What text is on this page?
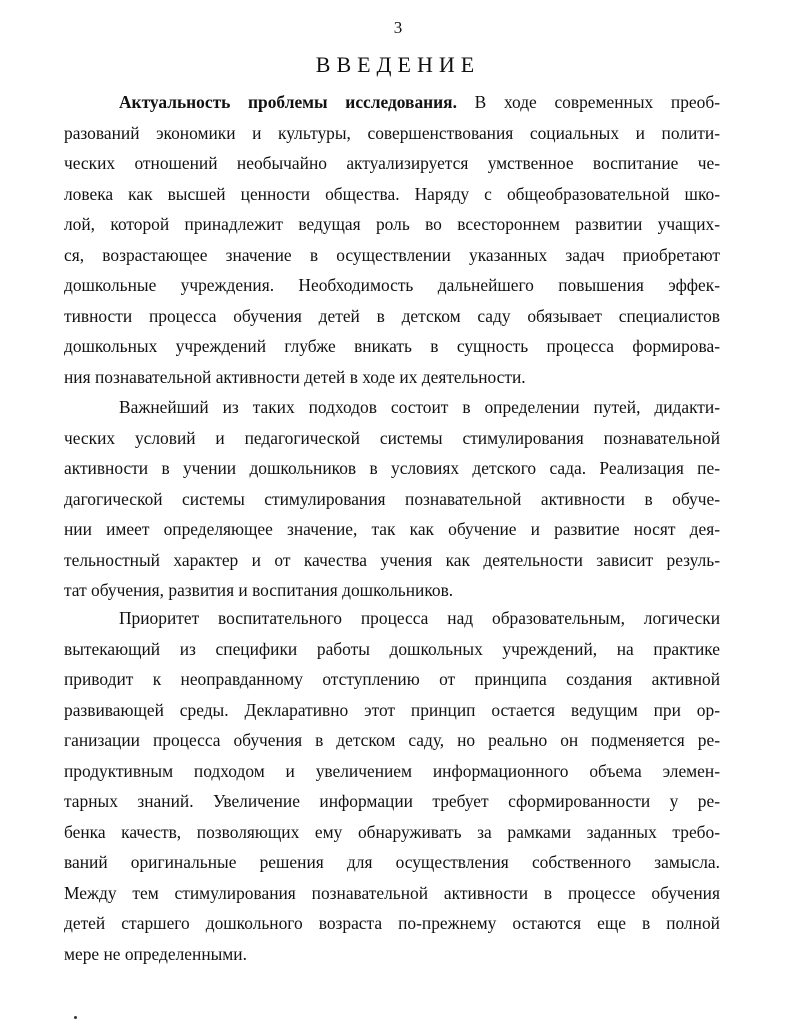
3
ВВЕДЕНИЕ
Актуальность проблемы исследования. В ходе современных преоб-
разований экономики и культуры, совершенствования социальных и полити-
ческих отношений необычайно актуализируется умственное воспитание че-
ловека как высшей ценности общества. Наряду с общеобразовательной шко-
лой, которой принадлежит ведущая роль во всестороннем развитии учащих-
ся, возрастающее значение в осуществлении указанных задач приобретают
дошкольные учреждения. Необходимость дальнейшего повышения эффек-
тивности процесса обучения детей в детском саду обязывает специалистов
дошкольных учреждений глубже вникать в сущность процесса формирова-
ния познавательной активности детей в ходе их деятельности.
Важнейший из таких подходов состоит в определении путей, дидакти-
ческих условий и педагогической системы стимулирования познавательной
активности в учении дошкольников в условиях детского сада. Реализация пе-
дагогической системы стимулирования познавательной активности в обуче-
нии имеет определяющее значение, так как обучение и развитие носят дея-
тельностный характер и от качества учения как деятельности зависит резуль-
тат обучения, развития и воспитания дошкольников.
Приоритет воспитательного процесса над образовательным, логически
вытекающий из специфики работы дошкольных учреждений, на практике
приводит к неоправданному отступлению от принципа создания активной
развивающей среды. Декларативно этот принцип остается ведущим при ор-
ганизации процесса обучения в детском саду, но реально он подменяется ре-
продуктивным подходом и увеличением информационного объема элемен-
тарных знаний. Увеличение информации требует сформированности у ре-
бенка качеств, позволяющих ему обнаруживать за рамками заданных требо-
ваний оригинальные решения для осуществления собственного замысла.
Между тем стимулирования познавательной активности в процессе обучения
детей старшего дошкольного возраста по-прежнему остаются еще в полной
мере не определенными.
